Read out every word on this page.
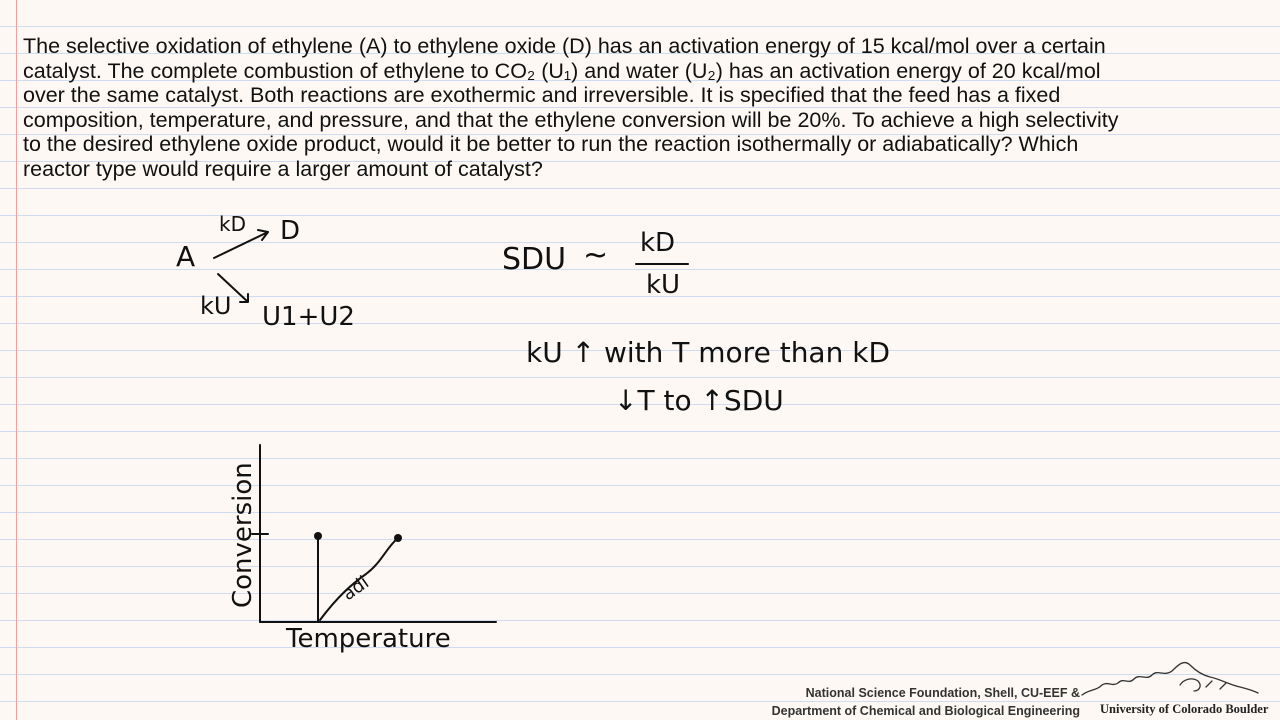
The selective oxidation of ethylene (A) to ethylene oxide (D) has an activation energy of 15 kcal/mol over a certain

catalyst. The complete combustion of ethylene to CO₂ (U₁) and water (U₂) has an activation energy of 20 kcal/mol

over the same catalyst. Both reactions are exothermic and irreversible. It is specified that the feed has a fixed

composition, temperature, and pressure, and that the ethylene conversion will be 20%. To achieve a high selectivity

to the desired ethylene oxide product, would it be better to run the reaction isothermally or adiabatically? Which

reactor type would require a larger amount of catalyst?

A
kD D
kU U1+U2
SDU ~ kD
kU
kU ↑ with T more than kD
↓T to ↑SDU
Conversion
Temperature
adi
National Science Foundation, Shell, CU-EEF &
Department of Chemical and Biological Engineering University of Colorado Boulder
